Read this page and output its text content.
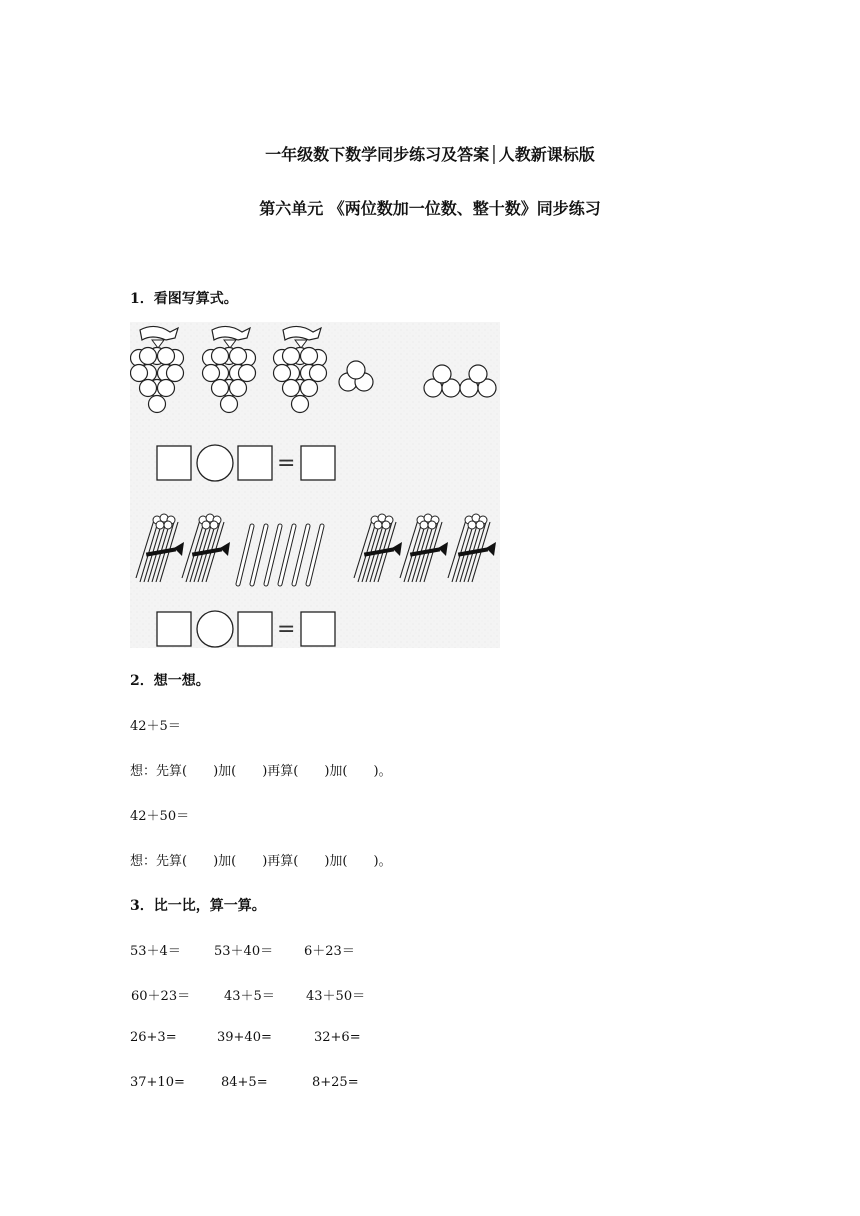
一年级数下数学同步练习及答案│人教新课标版
第六单元 《两位数加一位数、整十数》同步练习
1．看图写算式。
=
=
2．想一想。
42＋5＝
想：先算(　　)加(　　)再算(　　)加(　　)。
42＋50＝
想：先算(　　)加(　　)再算(　　)加(　　)。
3．比一比，算一算。
53＋4＝	53＋40＝ 6＋23＝
60＋23＝	43＋5＝ 43＋50＝
26+3=	39+40=	32+6=
37+10=	84+5=	8+25=
